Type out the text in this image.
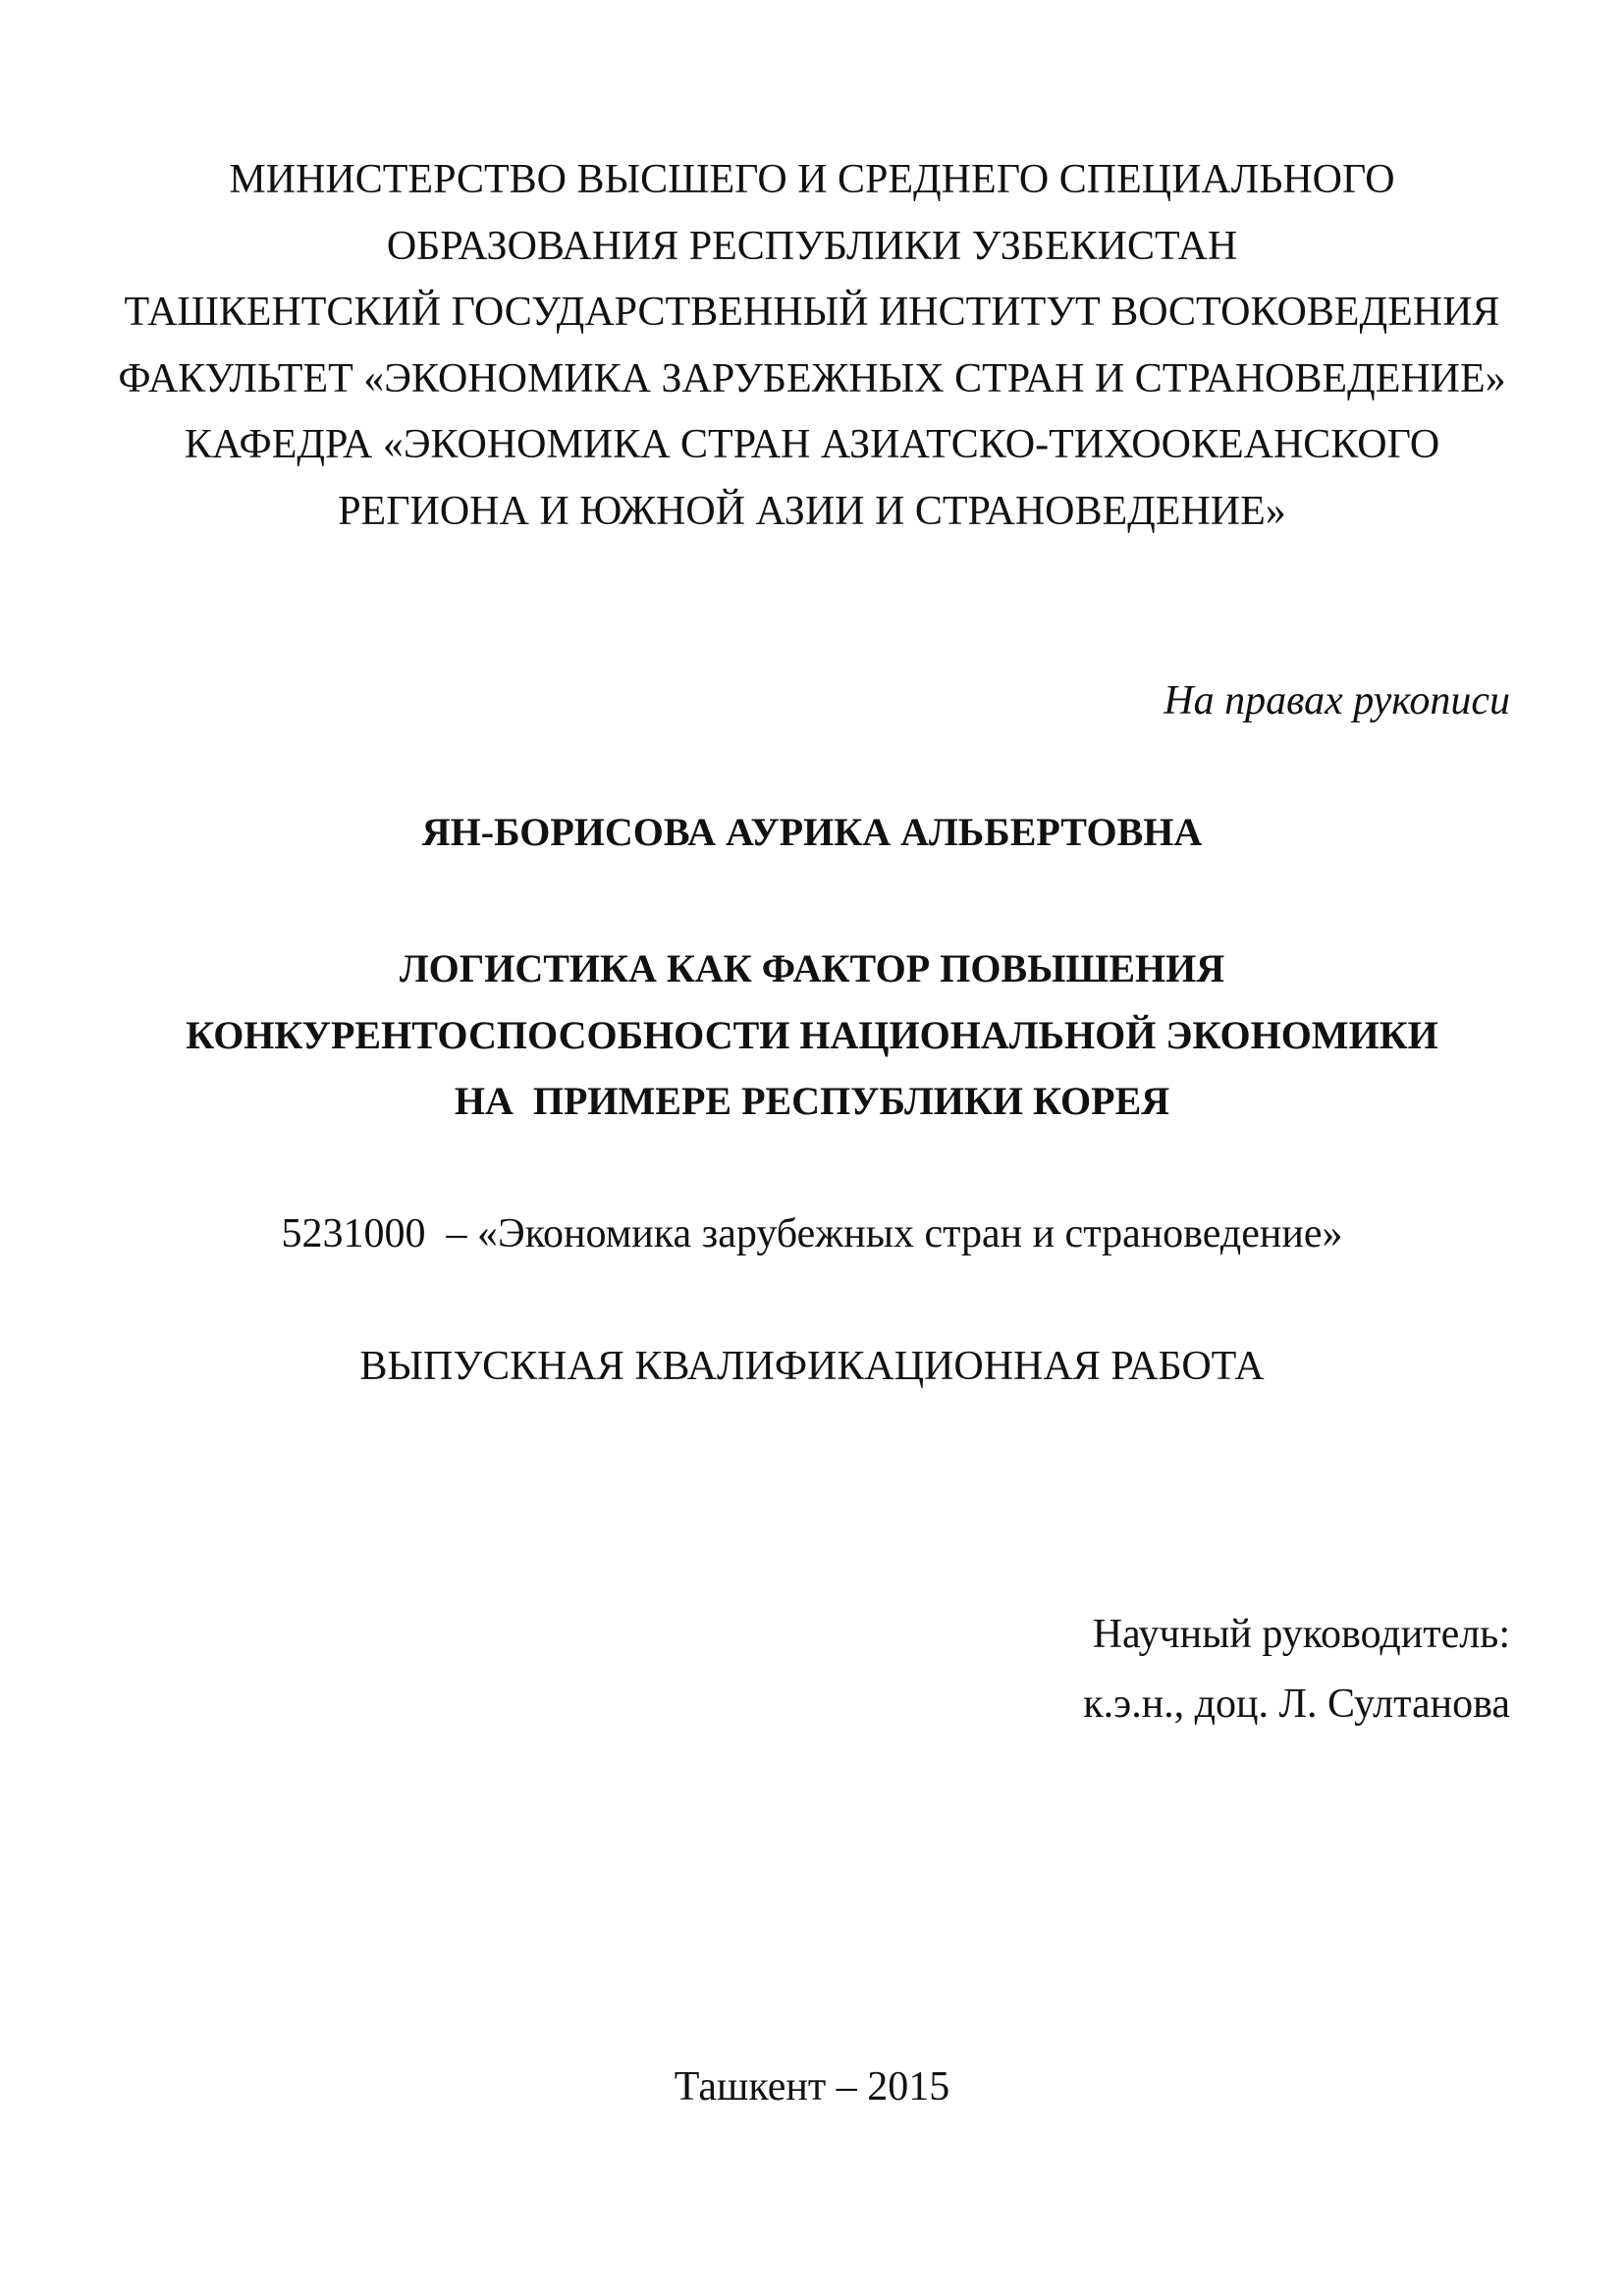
МИНИСТЕРСТВО ВЫСШЕГО И СРЕДНЕГО СПЕЦИАЛЬНОГО
ОБРАЗОВАНИЯ РЕСПУБЛИКИ УЗБЕКИСТАН
ТАШКЕНТСКИЙ ГОСУДАРСТВЕННЫЙ ИНСТИТУТ ВОСТОКОВЕДЕНИЯ
ФАКУЛЬТЕТ «ЭКОНОМИКА ЗАРУБЕЖНЫХ СТРАН И СТРАНОВЕДЕНИЕ»
КАФЕДРА «ЭКОНОМИКА СТРАН АЗИАТСКО-ТИХООКЕАНСКОГО
РЕГИОНА И ЮЖНОЙ АЗИИ И СТРАНОВЕДЕНИЕ»
На правах рукописи
ЯН-БОРИСОВА АУРИКА АЛЬБЕРТОВНА
ЛОГИСТИКА КАК ФАКТОР ПОВЫШЕНИЯ
КОНКУРЕНТОСПОСОБНОСТИ НАЦИОНАЛЬНОЙ ЭКОНОМИКИ
НА  ПРИМЕРЕ РЕСПУБЛИКИ КОРЕЯ
5231000  – «Экономика зарубежных стран и страноведение»
ВЫПУСКНАЯ КВАЛИФИКАЦИОННАЯ РАБОТА
Научный руководитель:
к.э.н., доц. Л. Султанова
Ташкент – 2015
